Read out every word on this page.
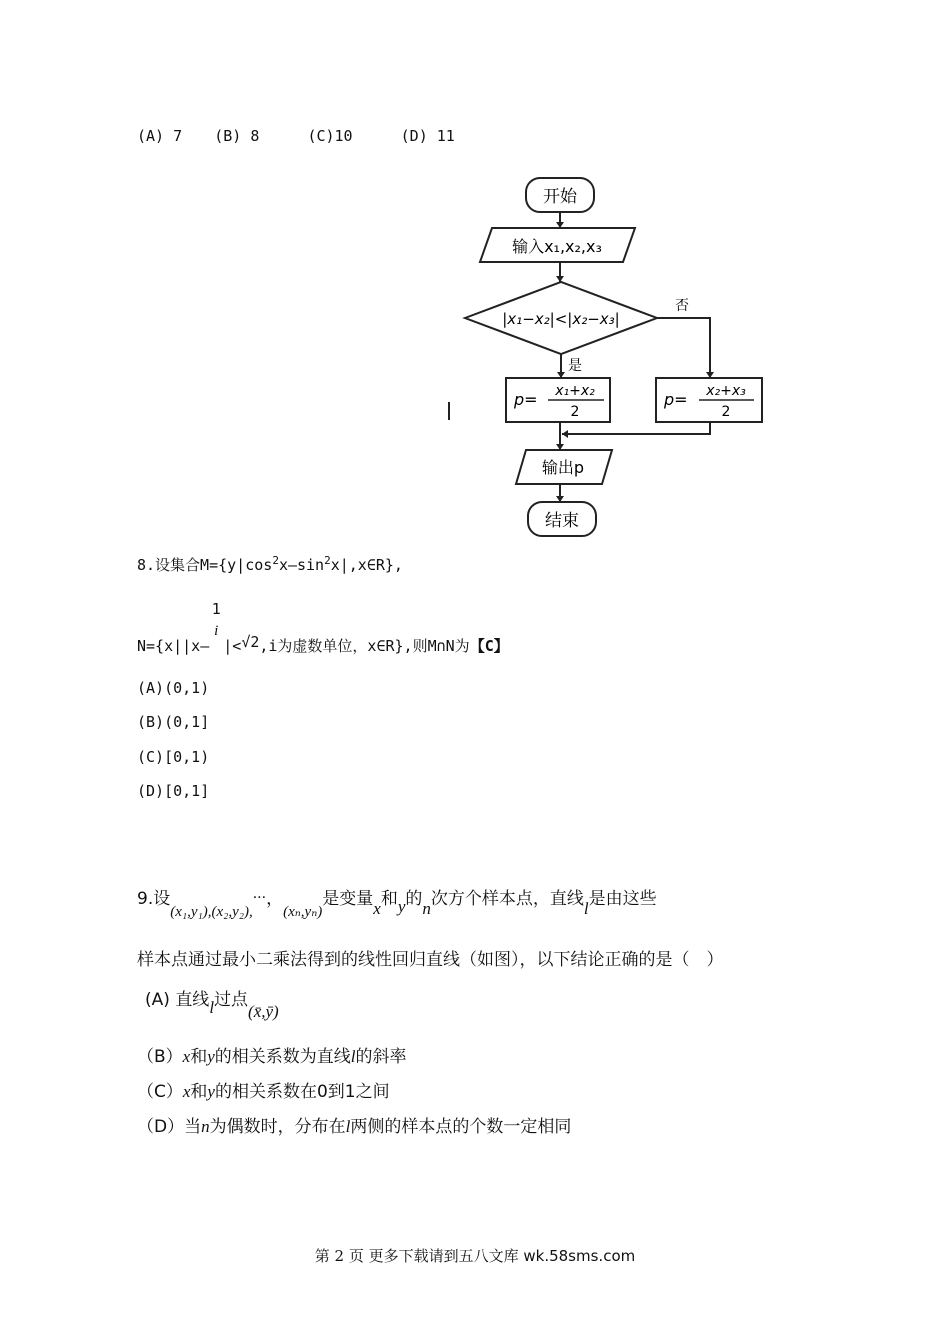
(A) 7 (B) 8	(C)10	(D) 11
开始
输入x₁,x₂,x₃
|x₁−x₂|<|x₂−x₃|
是
否
p= x₁+x₂
2
p= x₂+x₃
2
输出p
结束
8.设集合$M=\{y|\cos^2x—\sin^2x|,x\in R\}$,
N={x||x—
1
i
|<√2,i为虚数单位，x∈R},则M∩N为【C】
(A)(0,1)
(B)(0,1]
(C)[0,1)
(D)[0,1]
9.设(x₁,y₁),(x₂,y₂),···，(xₙ,yₙ)是变量x和y的n次方个样本点，直线l是由这些
样本点通过最小二乘法得到的线性回归直线（如图），以下结论正确的是（　）
(A) 直线l过点(x̄,ȳ)
（B）x和y的相关系数为直线l的斜率
（C）x和y的相关系数在0到1之间
（D）当n为偶数时，分布在l两侧的样本点的个数一定相同
第 2 页 更多下载请到五八文库 wk.58sms.com
